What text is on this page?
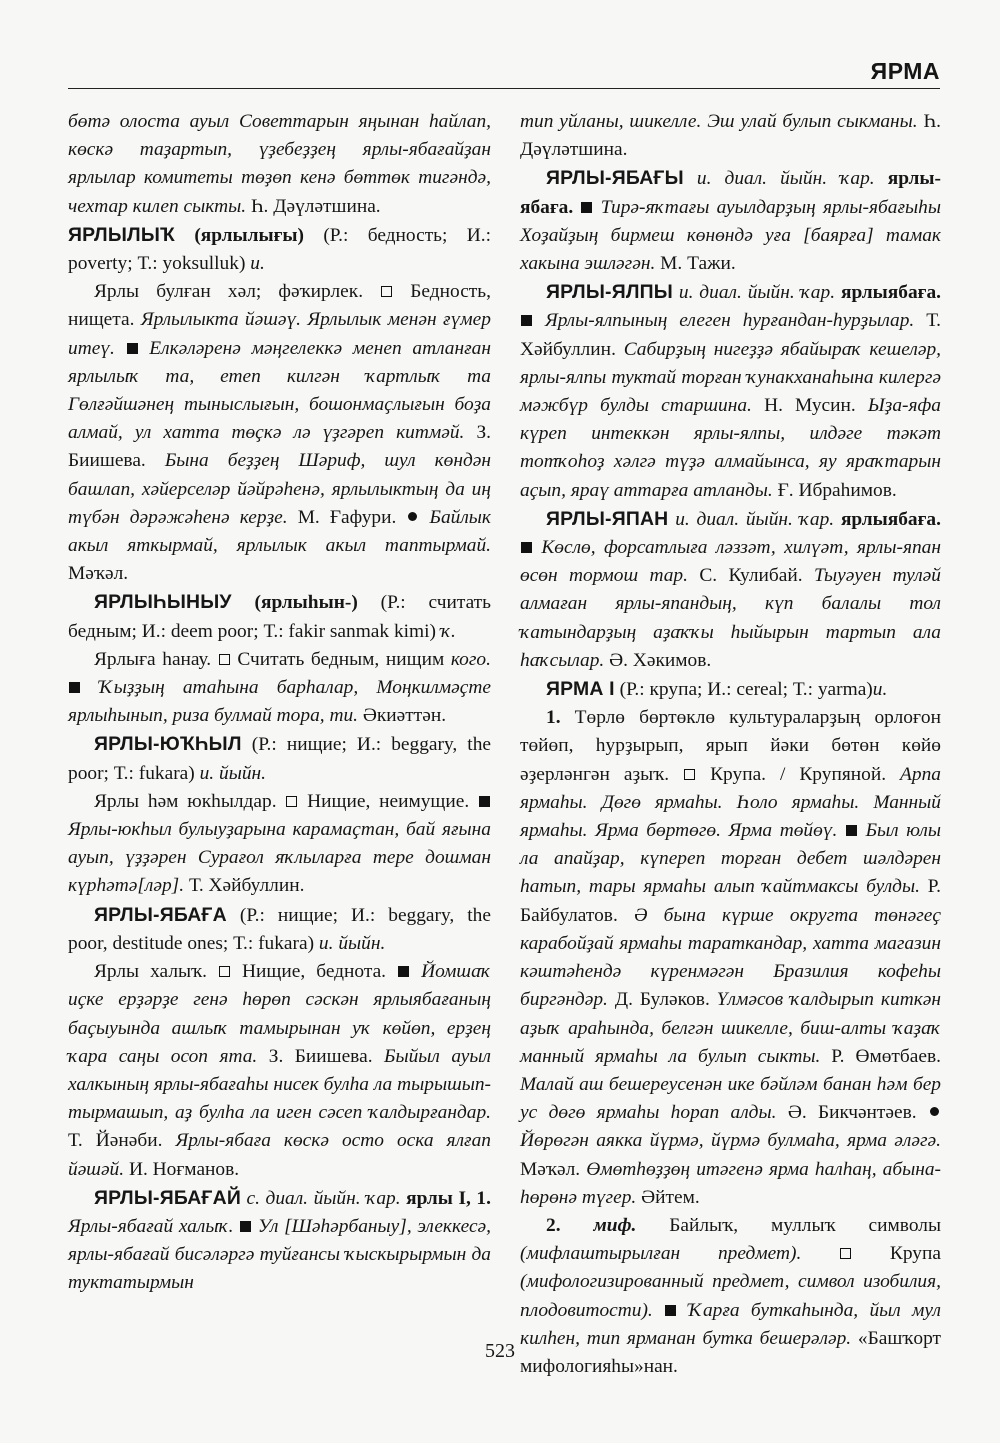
ЯРМА

бөтә олоста ауыл Советтарын яңынан һайлап, көскә таҙартып, үҙебеҙҙең ярлы-ябағайҙан ярлылар комитеты төҙөп кенә бөттөк тигәндә, чехтар килеп сыкты. Һ. Дәүләтшина.

ЯРЛЫЛЫҠ (ярлылығы) (Р.: бедность; И.: poverty; Т.: yoksulluk) и.

Ярлы булған хәл; фәҡирлек. Бедность, нищета. Ярлылыкта йәшәү. Ярлылык менән ғүмер итеү. Елкәләренә мәңгелеккә менеп атланған ярлылыҡ та, етеп килгән ҡартлыҡ та Гөлғәйшәнең тыныслығын, бошонмаҫлығын боҙа алмай, ул хатта төҫкә лә үҙгәреп китмәй. З. Биишева. Бына беҙҙең Шәриф, шул көндән башлап, хәйерселәр йәйрәһенә, ярлылыктың да иң түбән дәрәжәһенә керҙе. М. Ғафури. Байлык акыл яткырмай, ярлылык акыл таптырмай. Мәҡәл.

ЯРЛЫҺЫНЫУ (ярлыһын-) (Р.: считать бедным; И.: deem poor; Т.: fakir sanmak kimi) ҡ.

Ярлыға һанау. Считать бедным, нищим кого.  Ҡыҙҙың атаһына барһалар, Моңкилмәҫте ярлыһынып, риза булмай тора, ти. Әкиәттән.

ЯРЛЫ-ЮҠҺЫЛ (Р.: нищие; И.: beggary, the poor; Т.: fukara) и. йыйн.

Ярлы һәм юкһылдар. Нищие, неимущие.  Ярлы-юкһыл булыуҙарына карамаҫтан, бай яғына ауып, үҙҙәрен Сурағол яҡлыларға тере дошман күрһәтә[ләр]. Т. Хәйбуллин.

ЯРЛЫ-ЯБАҒА (Р.: нищие; И.: beggary, the poor, destitude ones; Т.: fukara) и. йыйн.

Ярлы халыҡ. Нищие, беднота. Йомшаҡ иҫке ерҙәрҙе генә һөрөп сәскән ярлыябағаның баҫыуында ашлыҡ тамырынан уҡ көйөп, ерҙең ҡара саңы осоп ята. З. Биишева. Быйыл ауыл халкының ярлы-ябағаһы нисек булһа ла тырышып-тырмашып, аҙ булһа ла иген сәсеп ҡалдырғандар. Т. Йәнәби. Ярлы-ябаға көскә осто оска ялғап йәшәй. И. Ноғманов.

ЯРЛЫ-ЯБАҒАЙ с. диал. йыйн. ҡар. ярлы I, 1. Ярлы-ябағай халыҡ. Ул [Шәһәрбаныу], элеккесә, ярлы-ябағай бисәләргә туйғансы ҡыскырырмын да туктатырмын

тип уйланы, шикелле. Эш улай булып сыкманы. Һ. Дәүләтшина.

ЯРЛЫ-ЯБАҒЫ и. диал. йыйн. ҡар. ярлы-ябаға. Тирә-яҡтағы ауылдарҙың ярлы-ябағыһы Хоҙайҙың бирмеш көнөндә уға [баярға] тамак хакына эшләгән. М. Тажи.

ЯРЛЫ-ЯЛПЫ и. диал. йыйн. ҡар. ярлыябаға.  Ярлы-ялпының елеген һурғандан-һурҙылар. Т. Хәйбуллин. Сабирҙың нигеҙҙә ябайыраҡ кешеләр, ярлы-ялпы туктай торған ҡунакханаһына килергә мәжбүр булды старшина. Н. Мусин. Ыҙа-яфа күреп интеккән ярлы-ялпы, илдәге тәкәт тотҡоһоҙ хәлгә түҙә алмайынса, яу яраҡтарын аҫып, яраү аттарға атланды. Ғ. Ибраһимов.

ЯРЛЫ-ЯПАН и. диал. йыйн. ҡар. ярлыябаға.  Көслө, форсатлыға ләззәт, хилүәт, ярлы-япан өсөн тормош тар. С. Кулибай. Тыуәуен туләй алмаған ярлы-япандың, күп балалы тол ҡатындарҙың аҙаҡҡы һыйырын тартып ала һаҡсылар. Ә. Хәкимов.

ЯРМА I (Р.: крупа; И.: cereal; Т.: yarma)и.

1. Төрлө бөртөклө культураларҙың орлоғон төйөп, һурҙырып, ярып йәки бөтөн көйө әҙерләнгән аҙыҡ. Крупа. / Крупяной. Арпа ярмаһы. Дөгө ярмаһы. Һоло ярмаһы. Манный ярмаһы. Ярма бөртөгө. Ярма төйөү. Был юлы ла апайҙар, күпереп торған дебет шәлдәрен һатып, тары ярмаһы алып ҡайтмаксы булды. Р. Байбулатов. Ә бына күрше округта төнәгеҫ карабойҙай ярмаһы тараткандар, хатта магазин кәштәһендә күренмәгән Бразилия кофеһы биргәндәр. Д. Буләков. Үлмәсов ҡалдырып киткән аҙыҡ араһында, белгән шикелле, биш-алты ҡаҙаҡ манный ярмаһы ла булып сыкты. Р. Өмөтбаев. Малай аш бешереусенән ике бәйләм банан һәм бер ус дөгө ярмаһы һорап алды. Ә. Бикчәнтәев.  Йөрөгән аякка йүрмә, йүрмә булмаһа, ярма әләгә. Мәҡәл. Өмөтһөҙҙөң итәгенә ярма һалһаң, абына-һөрөнә түгер. Әйтем.

2. миф. Байлыҡ, муллыҡ символы (мифлаштырылған предмет).	Крупа (мифологизированный предмет, символ изобилия, плодовитости). Ҡарға буткаһында, йыл мул килһен, тип ярманан бутка бешерәләр. «Башҡорт мифологияһы»нан.

523
